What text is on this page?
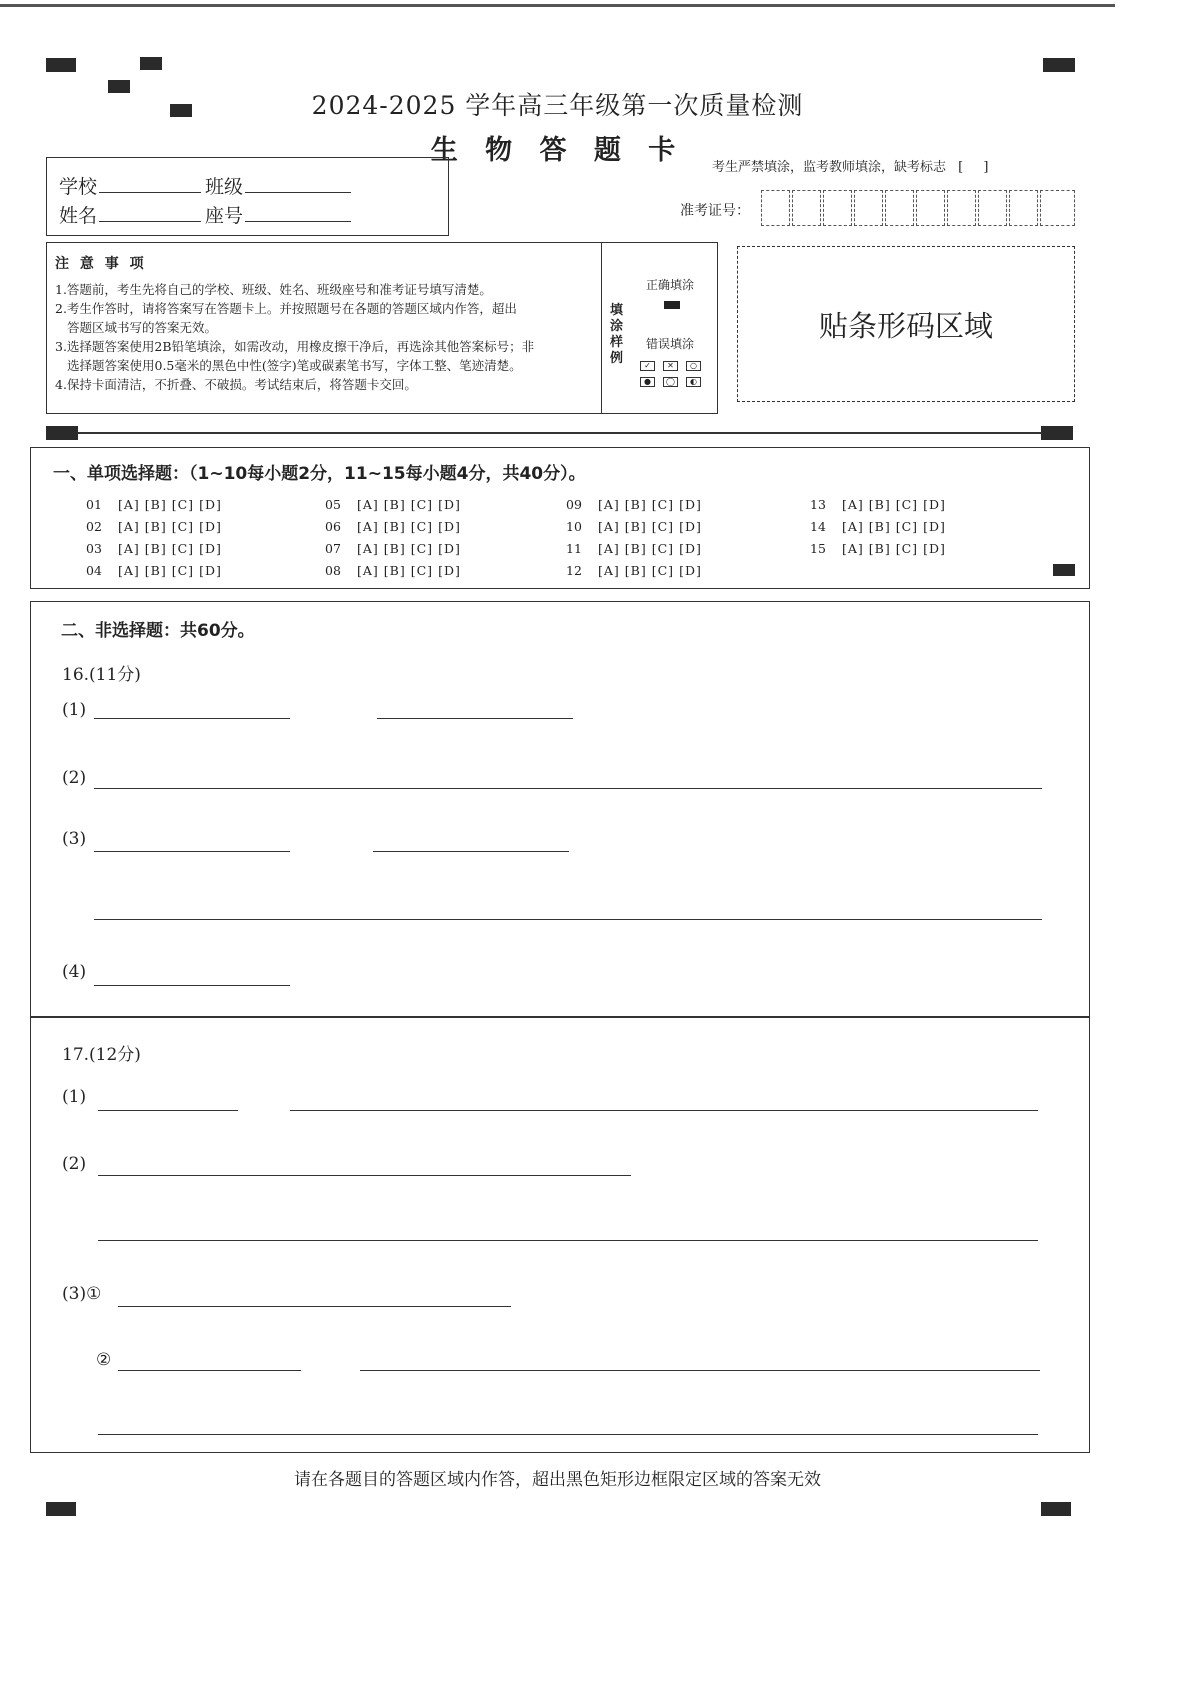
2024-2025 学年高三年级第一次质量检测
生 物 答 题 卡
考生严禁填涂，监考教师填涂，缺考标志 [ ]
学校	班级
姓名	座号	准考证号：

注 意 事 项

1.答题前，考生先将自己的学校、班级、姓名、班级座号和准考证号填写清楚。

2.考生作答时，请将答案写在答题卡上。并按照题号在各题的答题区域内作答，超出

答题区域书写的答案无效。

3.选择题答案使用2B铅笔填涂，如需改动，用橡皮擦干净后，再选涂其他答案标号；非

选择题答案使用0.5毫米的黑色中性(签字)笔或碳素笔书写，字体工整、笔迹清楚。

4.保持卡面清洁，不折叠、不破损。考试结束后，将答题卡交回。

填涂样例
正确填涂
错误填涂
✓	✕	○
●	◯	◐
贴条形码区域
一、单项选择题：（1~10每小题2分，11~15每小题4分，共40分）。
01 [A] [B] [C] [D]
02 [A] [B] [C] [D]
03 [A] [B] [C] [D]
04 [A] [B] [C] [D]
05 [A] [B] [C] [D]
06 [A] [B] [C] [D]
07 [A] [B] [C] [D]
08 [A] [B] [C] [D]
09 [A] [B] [C] [D]
10 [A] [B] [C] [D]
11 [A] [B] [C] [D]
12 [A] [B] [C] [D]
13 [A] [B] [C] [D]
14 [A] [B] [C] [D]
15 [A] [B] [C] [D]
二、非选择题：共60分。
16.(11分)
(1)
(2)
(3)
(4)
17.(12分)
(1)
(2)
(3)①
②
请在各题目的答题区域内作答，超出黑色矩形边框限定区域的答案无效
